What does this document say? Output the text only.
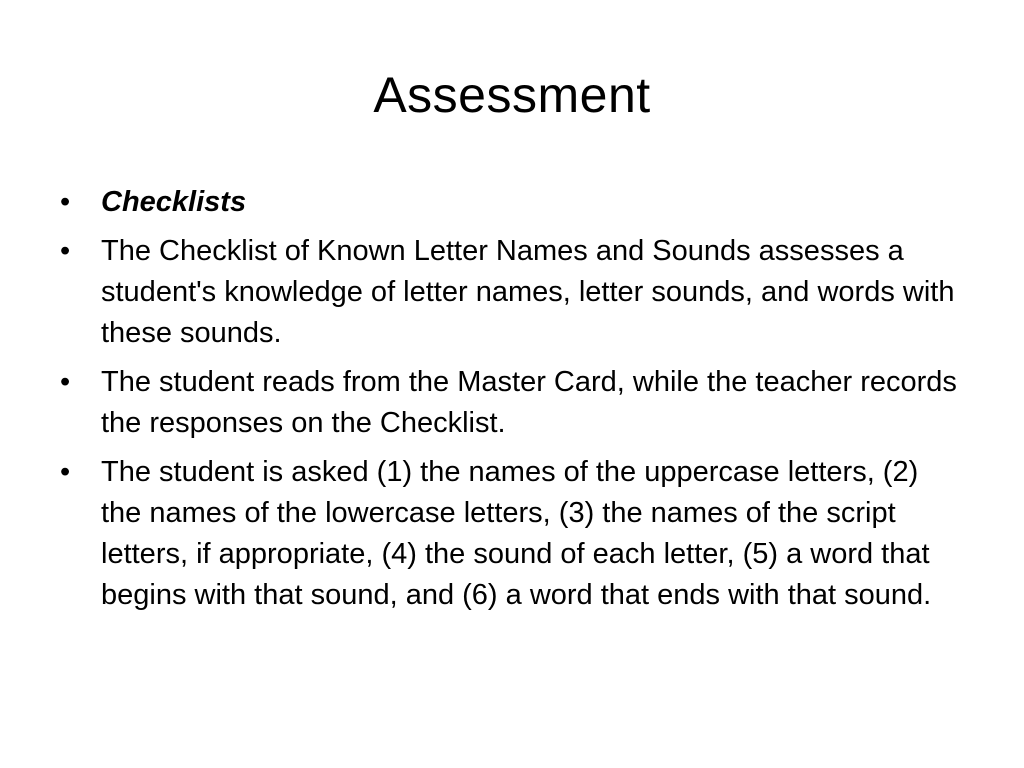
Assessment
•	Checklists
•	The Checklist of Known Letter Names and Sounds assesses a student's knowledge of letter names, letter sounds, and words with these sounds.
•	The student reads from the Master Card, while the teacher records the responses on the Checklist.
•	The student is asked (1) the names of the uppercase letters, (2) the names of the lowercase letters, (3) the names of the script letters, if appropriate, (4) the sound of each letter, (5) a word that begins with that sound, and (6) a word that ends with that sound.
